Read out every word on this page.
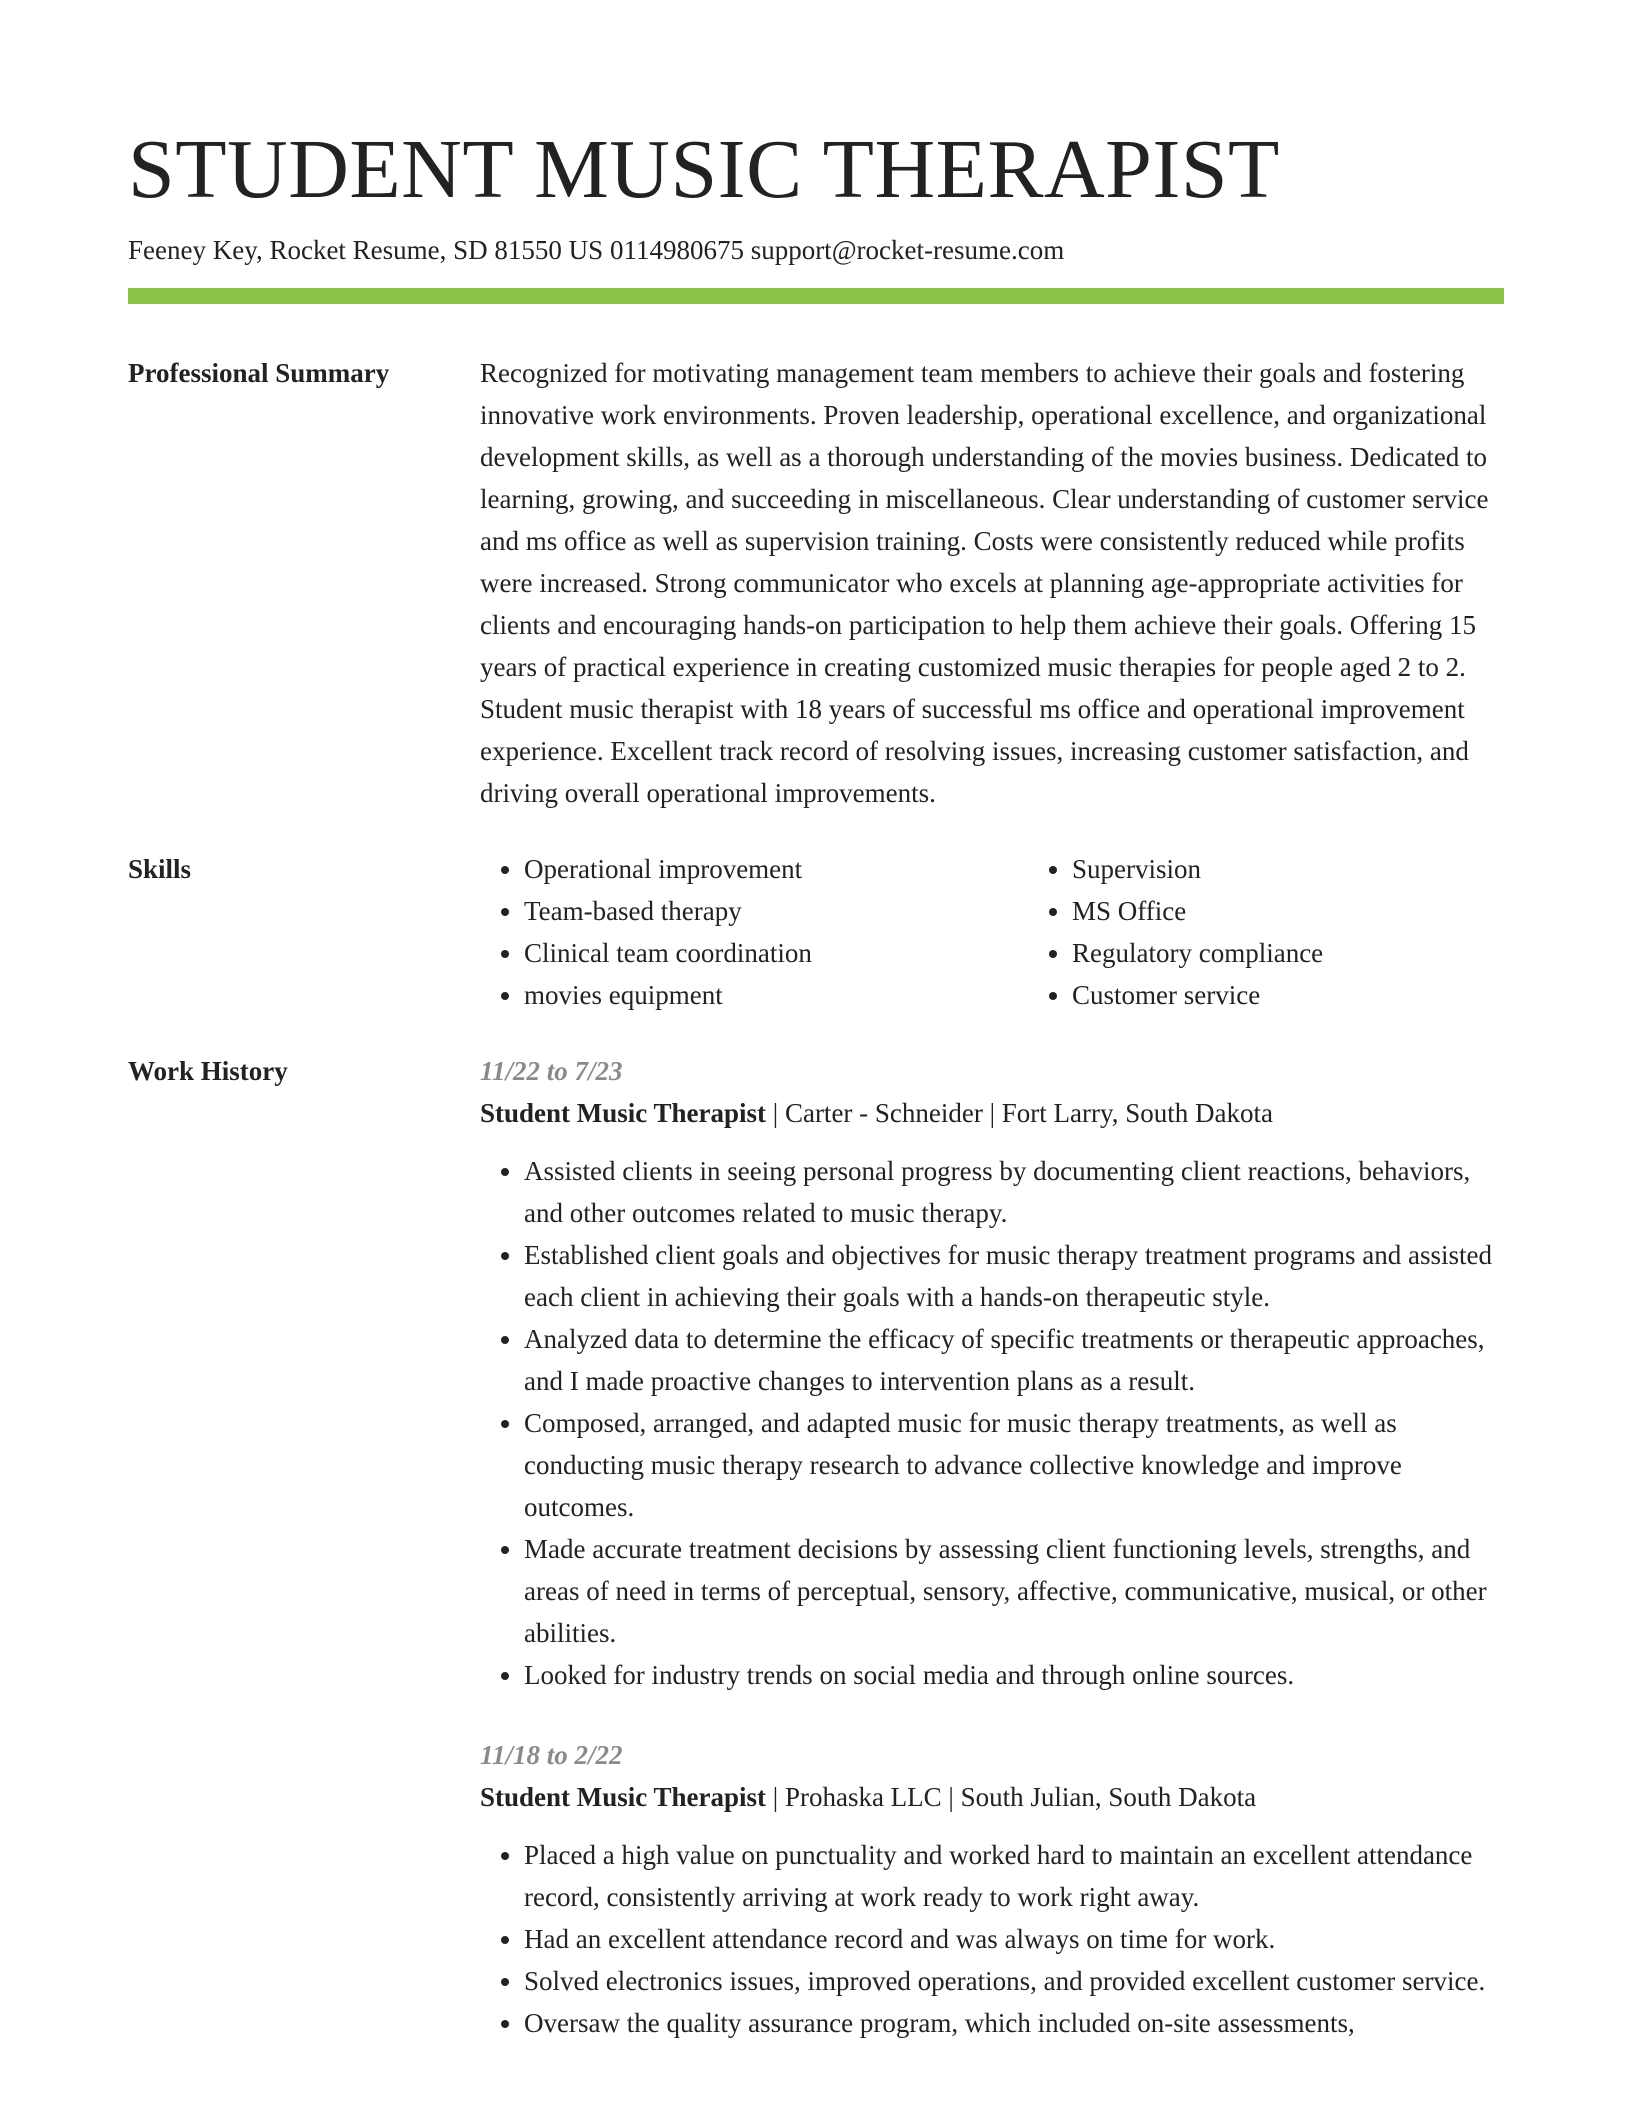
STUDENT MUSIC THERAPIST
Feeney Key, Rocket Resume, SD 81550 US 0114980675 support@rocket-resume.com
Professional Summary	Recognized for motivating management team members to achieve their goals and fostering innovative work environments. Proven leadership, operational excellence, and organizational development skills, as well as a thorough understanding of the movies business. Dedicated to learning, growing, and succeeding in miscellaneous. Clear understanding of customer service and ms office as well as supervision training. Costs were consistently reduced while profits were increased. Strong communicator who excels at planning age-appropriate activities for clients and encouraging hands-on participation to help them achieve their goals. Offering 15 years of practical experience in creating customized music therapies for people aged 2 to 2. Student music therapist with 18 years of successful ms office and operational improvement experience. Excellent track record of resolving issues, increasing customer satisfaction, and driving overall operational improvements.

Skills
•	Operational improvement
• Team-based therapy
• Clinical team coordination
• movies equipment
• Supervision
• MS Office
• Regulatory compliance
• Customer service
Work History	11/22 to 7/23
Student Music Therapist | Carter - Schneider | Fort Larry, South Dakota
• Assisted clients in seeing personal progress by documenting client reactions, behaviors, and other outcomes related to music therapy.
• Established client goals and objectives for music therapy treatment programs and assisted each client in achieving their goals with a hands-on therapeutic style.
• Analyzed data to determine the efficacy of specific treatments or therapeutic approaches, and I made proactive changes to intervention plans as a result.
• Composed, arranged, and adapted music for music therapy treatments, as well as conducting music therapy research to advance collective knowledge and improve outcomes.
• Made accurate treatment decisions by assessing client functioning levels, strengths, and areas of need in terms of perceptual, sensory, affective, communicative, musical, or other abilities.
• Looked for industry trends on social media and through online sources.
11/18 to 2/22
Student Music Therapist | Prohaska LLC | South Julian, South Dakota
• Placed a high value on punctuality and worked hard to maintain an excellent attendance record, consistently arriving at work ready to work right away.
• Had an excellent attendance record and was always on time for work.
• Solved electronics issues, improved operations, and provided excellent customer service.
• Oversaw the quality assurance program, which included on-site assessments,
